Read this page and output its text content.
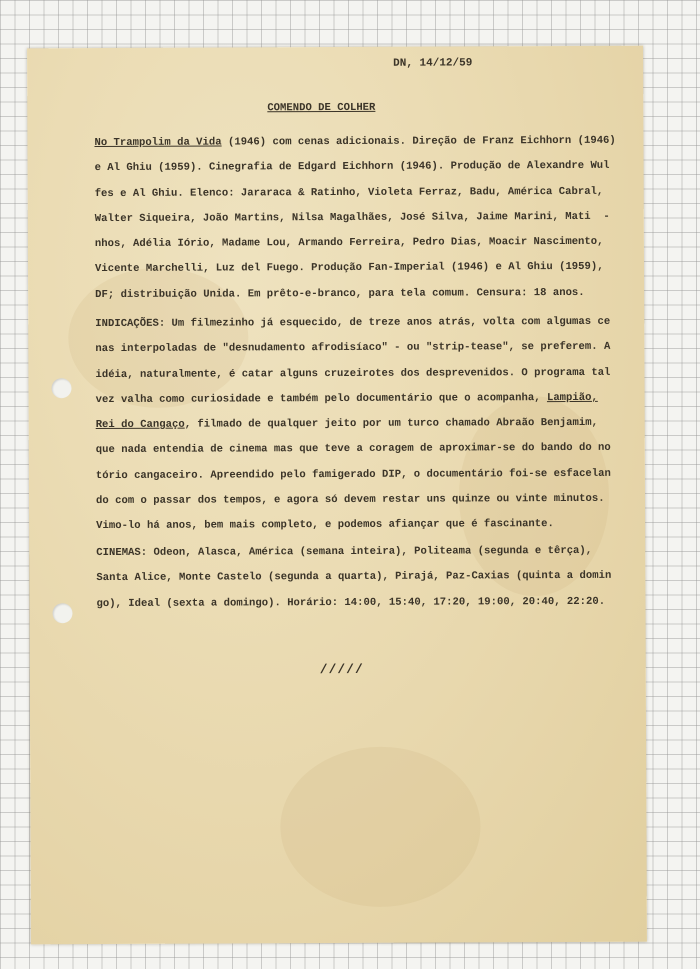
DN, 14/12/59
COMENDO DE COLHER
No Trampolim da Vida (1946) com cenas adicionais. Direção de Franz Eichhorn (1946)
e Al Ghiu (1959). Cinegrafia de Edgard Eichhorn (1946). Produção de Alexandre Wul
fes e Al Ghiu. Elenco: Jararaca & Ratinho, Violeta Ferraz, Badu, América Cabral,
Walter Siqueira, João Martins, Nilsa Magalhães, José Silva, Jaime Marini, Mati  -
nhos, Adélia Iório, Madame Lou, Armando Ferreira, Pedro Dias, Moacir Nascimento,
Vicente Marchelli, Luz del Fuego. Produção Fan-Imperial (1946) e Al Ghiu (1959),
DF; distribuição Unida. Em prêto-e-branco, para tela comum. Censura: 18 anos.
INDICAÇÕES: Um filmezinho já esquecido, de treze anos atrás, volta com algumas ce
nas interpoladas de "desnudamento afrodisíaco" - ou "strip-tease", se preferem. A
idéia, naturalmente, é catar alguns cruzeirotes dos desprevenidos. O programa tal
vez valha como curiosidade e também pelo documentário que o acompanha, Lampião,
Rei do Cangaço, filmado de qualquer jeito por um turco chamado Abraão Benjamim,
que nada entendia de cinema mas que teve a coragem de aproximar-se do bando do no
tório cangaceiro. Apreendido pelo famigerado DIP, o documentário foi-se esfacelan
do com o passar dos tempos, e agora só devem restar uns quinze ou vinte minutos.
Vimo-lo há anos, bem mais completo, e podemos afiançar que é fascinante.
CINEMAS: Odeon, Alasca, América (semana inteira), Politeama (segunda e têrça),
Santa Alice, Monte Castelo (segunda a quarta), Pirajá, Paz-Caxias (quinta a domin
go), Ideal (sexta a domingo). Horário: 14:00, 15:40, 17:20, 19:00, 20:40, 22:20.
/////
